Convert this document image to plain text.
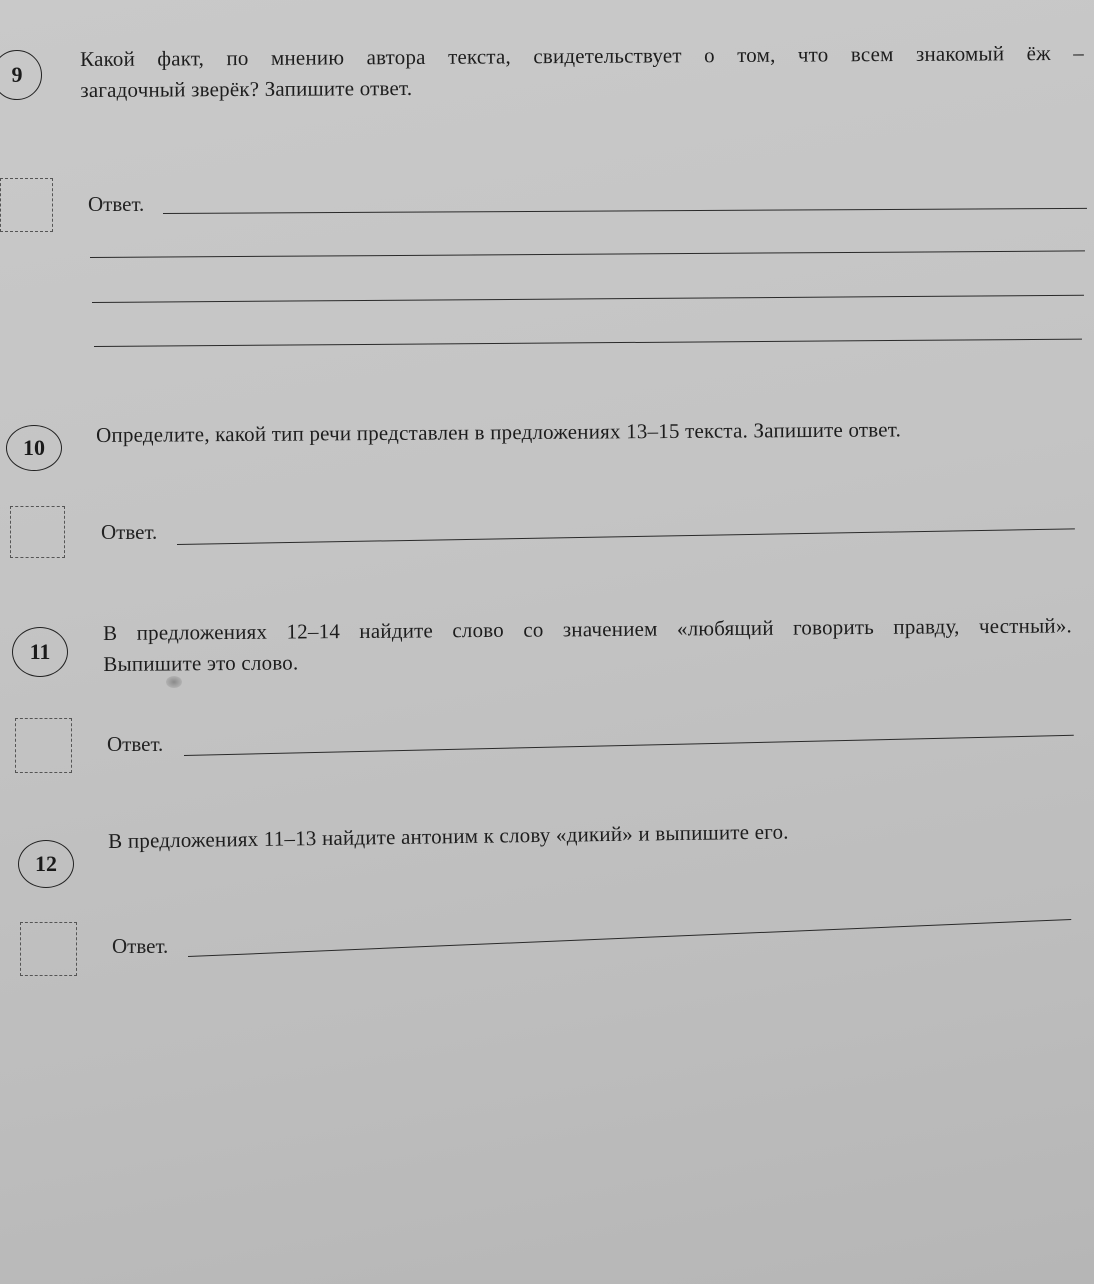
9
Какой факт, по мнению автора текста, свидетельствует о том, что всем знакомый ёж –
загадочный зверёк? Запишите ответ.
Ответ.
10
Определите, какой тип речи представлен в предложениях 13–15 текста. Запишите ответ.
Ответ.
11
В предложениях 12–14 найдите слово со значением «любящий говорить правду, честный».
Выпишите это слово.
Ответ.
12
В предложениях 11–13 найдите антоним к слову «дикий» и выпишите его.
Ответ.
